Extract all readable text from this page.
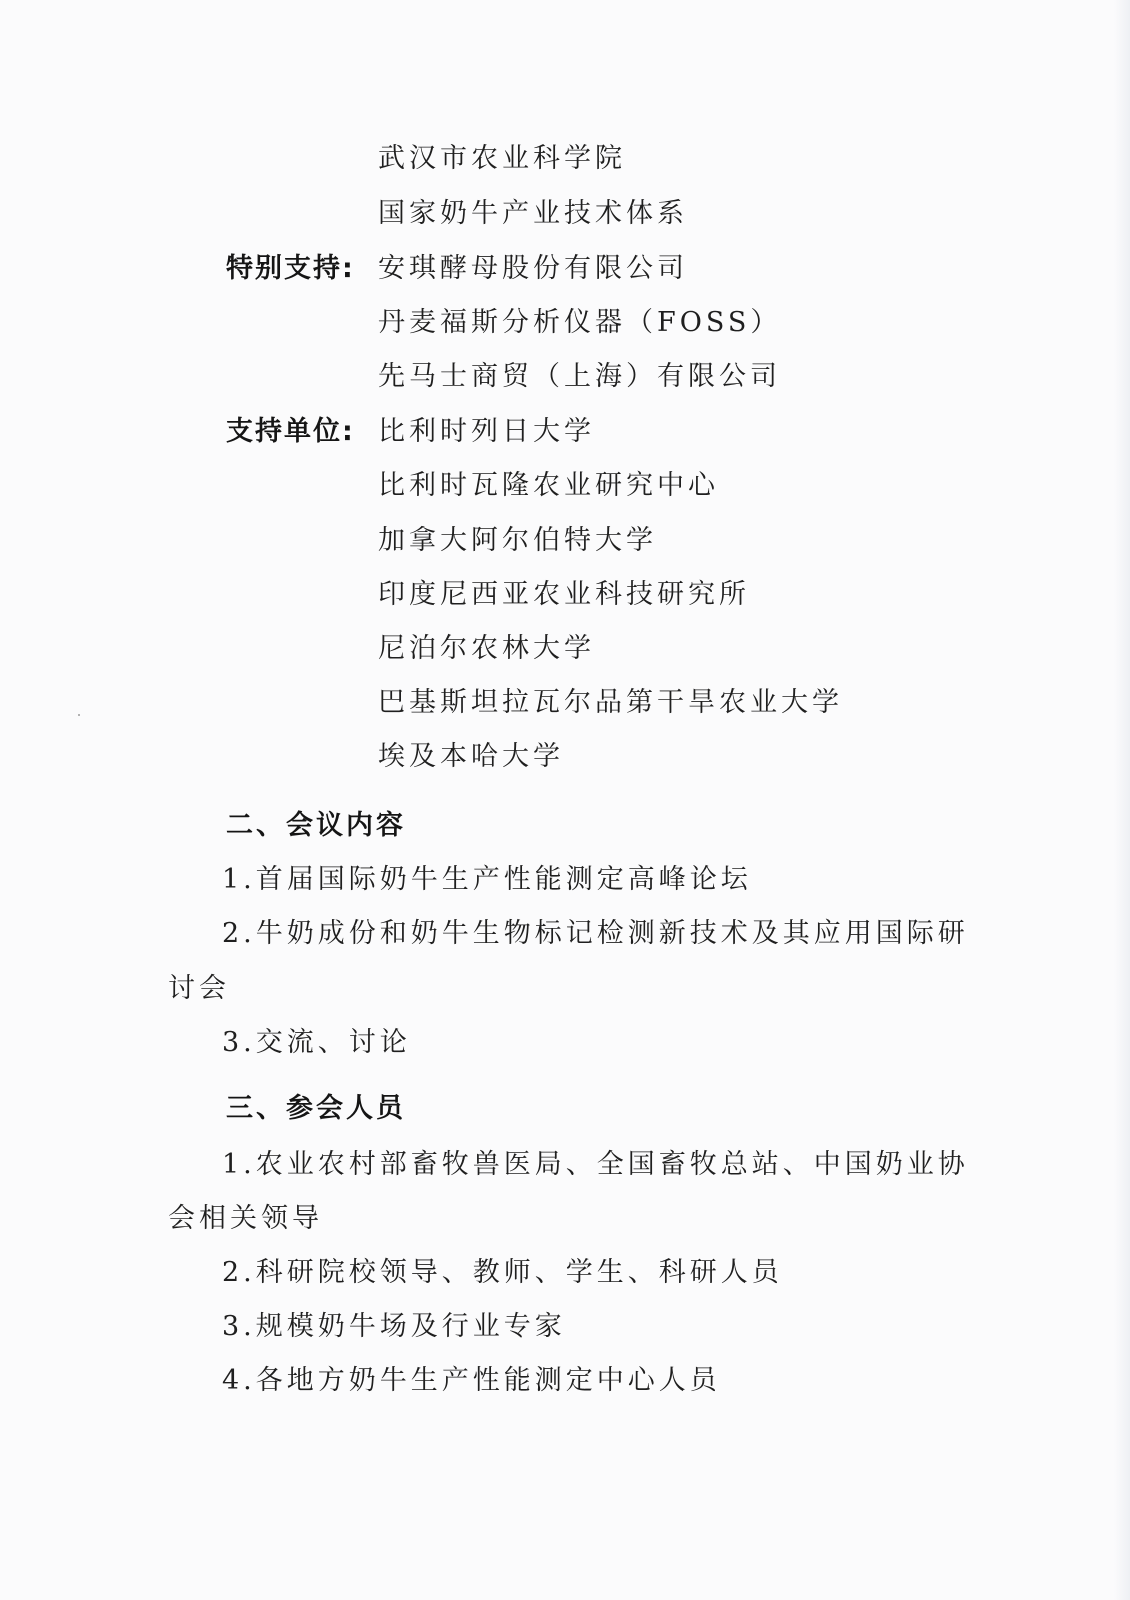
武汉市农业科学院
国家奶牛产业技术体系
特别支持: 安琪酵母股份有限公司
丹麦福斯分析仪器（FOSS）
先马士商贸（上海）有限公司
支持单位: 比利时列日大学
比利时瓦隆农业研究中心
加拿大阿尔伯特大学
印度尼西亚农业科技研究所
尼泊尔农林大学
巴基斯坦拉瓦尔品第干旱农业大学
埃及本哈大学
二、会议内容
1.首届国际奶牛生产性能测定高峰论坛
2.牛奶成份和奶牛生物标记检测新技术及其应用国际研
讨会
3.交流、讨论
三、参会人员
1.农业农村部畜牧兽医局、全国畜牧总站、中国奶业协
会相关领导
2.科研院校领导、教师、学生、科研人员
3.规模奶牛场及行业专家
4.各地方奶牛生产性能测定中心人员
